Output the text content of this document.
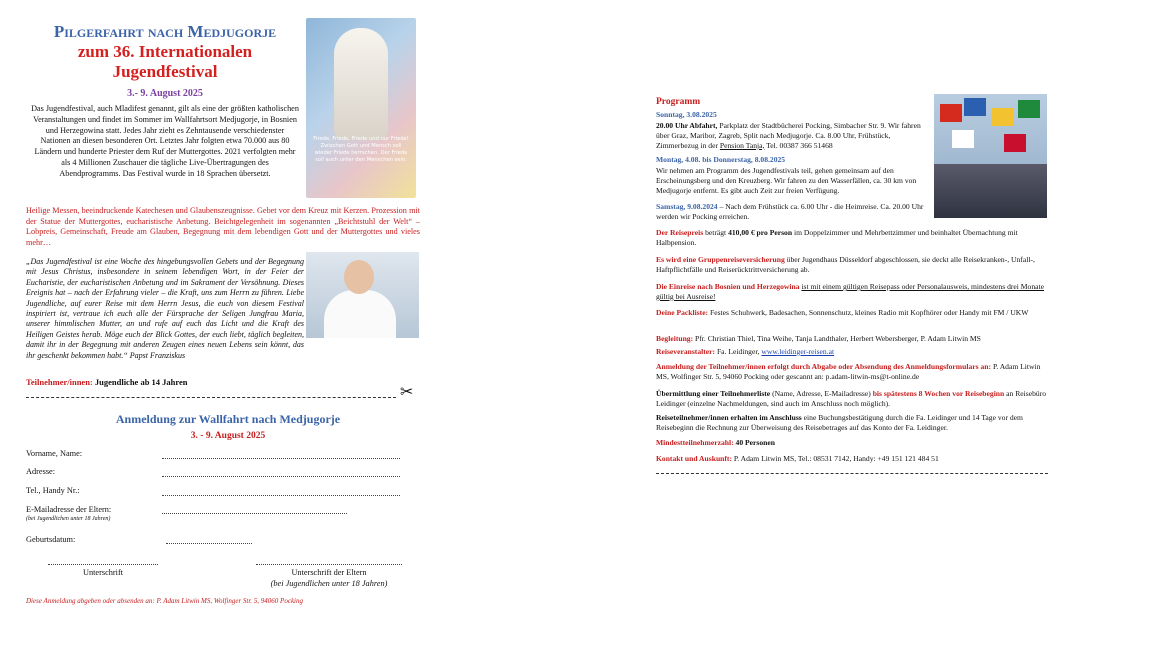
Pilgerfahrt nach Medjugorje
zum 36. Internationalen Jugendfestival
3.- 9. August 2025
Das Jugendfestival, auch Mladifest genannt, gilt als eine der größten katholischen Veranstaltungen und findet im Sommer im Wallfahrtsort Medjugorje, in Bosnien und Herzegowina statt. Jedes Jahr zieht es Zehntausende verschiedenster Nationen an diesen besonderen Ort. Letztes Jahr folgten etwa 70.000 aus 80 Ländern und hunderte Priester dem Ruf der Muttergottes. 2021 verfolgten mehr als 4 Millionen Zuschauer die tägliche Live-Übertragungen des Abendprogramms. Das Festival wurde in 18 Sprachen übersetzt.
Friede, Friede, Friede und nur Friede! Zwischen Gott und Mensch soll wieder Friede herrschen. Der Friede soll auch unter den Menschen sein.
Heilige Messen, beeindruckende Katechesen und Glaubenszeugnisse. Gebet vor dem Kreuz mit Kerzen. Prozession mit der Statue der Muttergottes, eucharistische Anbetung. Beichtgelegenheit im sogenannten „Beichtstuhl der Welt“ – Lobpreis, Gemeinschaft, Freude am Glauben, Begegnung mit dem lebendigen Gott und der Muttergottes und vieles mehr…
„Das Jugendfestival ist eine Woche des hingebungsvollen Gebets und der Begegnung mit Jesus Christus, insbesondere in seinem lebendigen Wort, in der Feier der Eucharistie, der eucharistischen Anbetung und im Sakrament der Versöhnung. Dieses Ereignis hat – nach der Erfahrung vieler – die Kraft, uns zum Herrn zu führen. Liebe Jugendliche, auf eurer Reise mit dem Herrn Jesus, die euch von diesem Festival inspiriert ist, vertraue ich euch alle der Fürsprache der Seligen Jungfrau Maria, unserer himmlischen Mutter, an und rufe auf euch das Licht und die Kraft des Heiligen Geistes herab. Möge euch der Blick Gottes, der euch liebt, täglich begleiten, damit ihr in der Begegnung mit anderen Zeugen eines neuen Lebens sein könnt, das ihr geschenkt bekommen habt.“ Papst Franziskus
Teilnehmer/innen: Jugendliche ab 14 Jahren	✂
Anmeldung zur Wallfahrt nach Medjugorje
3. - 9. August 2025
Vorname, Name:
Adresse:
Tel., Handy Nr.:
E-Mailadresse der Eltern:
(bei Jugendlichen unter 18 Jahren)
Geburtsdatum:
Unterschrift	Unterschrift der Eltern
(bei Jugendlichen unter 18 Jahren)
Diese Anmeldung abgeben oder absenden an: P. Adam Litwin MS, Wolfinger Str. 5, 94060 Pocking
Programm
Sonntag, 3.08.2025
20.00 Uhr Abfahrt, Parkplatz der Stadtbücherei Pocking, Simbacher Str. 9. Wir fahren über Graz, Maribor, Zagreb, Split nach Medjugorje. Ca. 8.00 Uhr, Frühstück, Zimmerbezug in der Pension Tanja, Tel. 00387 366 51468
Montag, 4.08. bis Donnerstag, 8.08.2025
Wir nehmen am Programm des Jugendfestivals teil, gehen gemeinsam auf den Erscheinungsberg und den Kreuzberg. Wir fahren zu den Wasserfällen, ca. 30 km von Medjugorje entfernt. Es gibt auch Zeit zur freien Verfügung.
Samstag, 9.08.2024 – Nach dem Frühstück ca. 6.00 Uhr - die Heimreise. Ca. 20.00 Uhr werden wir Pocking erreichen.
Der Reisepreis beträgt 410,00 € pro Person im Doppelzimmer und Mehrbettzimmer und beinhaltet Übernachtung mit Halbpension.
Es wird eine Gruppenreiseversicherung über Jugendhaus Düsseldorf abgeschlossen, sie deckt alle Reisekranken-, Unfall-, Haftpflichtfälle und Reiserücktrittversicherung ab.
Die Einreise nach Bosnien und Herzegowina ist mit einem gültigen Reisepass oder Personalausweis, mindestens drei Monate gültig bei Ausreise!
Deine Packliste: Festes Schuhwerk, Badesachen, Sonnenschutz, kleines Radio mit Kopfhörer oder Handy mit FM / UKW
Begleitung: Pfr. Christian Thiel, Tina Weihe, Tanja Landthaler, Herbert Webersberger, P. Adam Litwin MS
Reiseveranstalter: Fa. Leidinger, www.leidinger-reisen.at
Anmeldung der Teilnehmer/innen erfolgt durch Abgabe oder Absendung des Anmeldungsformulars an: P. Adam Litwin MS, Wolfinger Str. 5, 94060 Pocking oder gescannt an: p.adam-litwin-ms@t-online.de
Übermittlung einer Teilnehmerliste (Name, Adresse, E-Mailadresse) bis spätestens 8 Wochen vor Reisebeginn an Reisebüro Leidinger (einzelne Nachmeldungen, sind auch im Anschluss noch möglich).
Reiseteilnehmer/innen erhalten im Anschluss eine Buchungsbestätigung durch die Fa. Leidinger und 14 Tage vor dem Reisebeginn die Rechnung zur Überweisung des Reisebetrages auf das Konto der Fa. Leidinger.
Mindestteilnehmerzahl: 40 Personen
Kontakt und Auskunft: P. Adam Litwin MS, Tel.: 08531 7142, Handy: +49 151 121 484 51
